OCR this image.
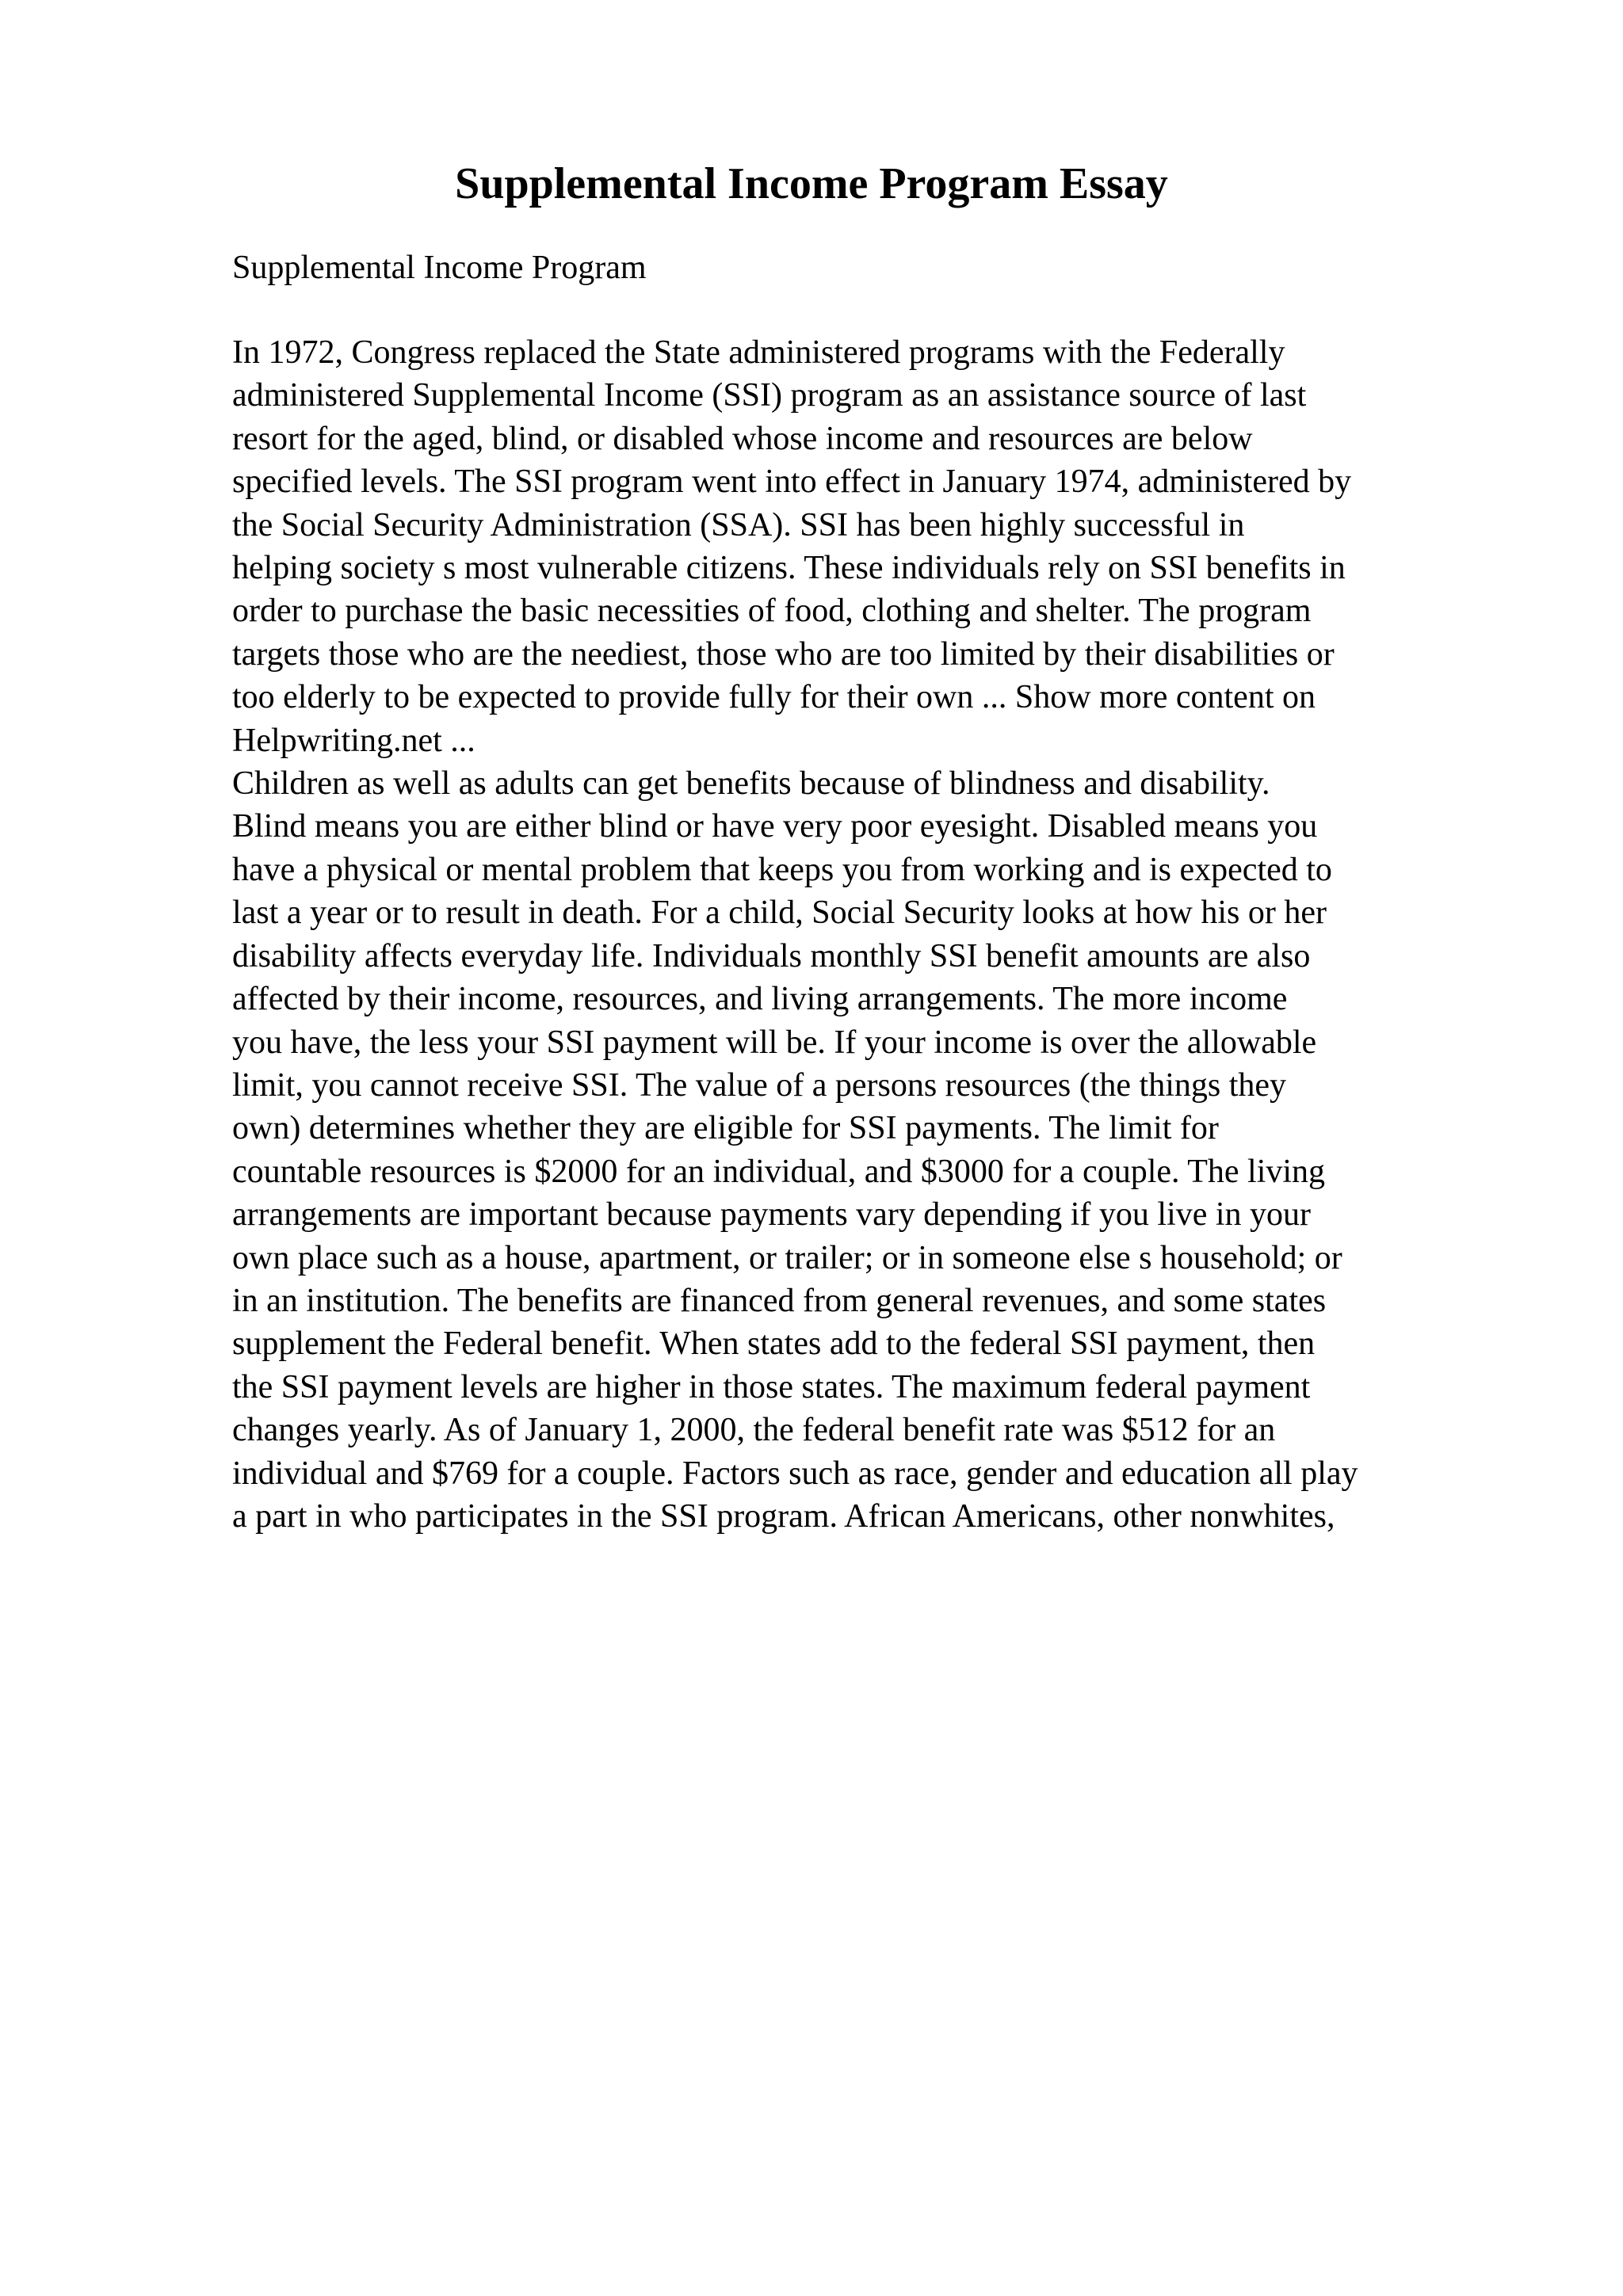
Supplemental Income Program Essay

Supplemental Income Program

In 1972, Congress replaced the State administered programs with the Federally
administered Supplemental Income (SSI) program as an assistance source of last
resort for the aged, blind, or disabled whose income and resources are below
specified levels. The SSI program went into effect in January 1974, administered by
the Social Security Administration (SSA). SSI has been highly successful in
helping society s most vulnerable citizens. These individuals rely on SSI benefits in
order to purchase the basic necessities of food, clothing and shelter. The program
targets those who are the neediest, those who are too limited by their disabilities or
too elderly to be expected to provide fully for their own ... Show more content on
Helpwriting.net ...
Children as well as adults can get benefits because of blindness and disability.
Blind means you are either blind or have very poor eyesight. Disabled means you
have a physical or mental problem that keeps you from working and is expected to
last a year or to result in death. For a child, Social Security looks at how his or her
disability affects everyday life. Individuals monthly SSI benefit amounts are also
affected by their income, resources, and living arrangements. The more income
you have, the less your SSI payment will be. If your income is over the allowable
limit, you cannot receive SSI. The value of a persons resources (the things they
own) determines whether they are eligible for SSI payments. The limit for
countable resources is $2000 for an individual, and $3000 for a couple. The living
arrangements are important because payments vary depending if you live in your
own place such as a house, apartment, or trailer; or in someone else s household; or
in an institution. The benefits are financed from general revenues, and some states
supplement the Federal benefit. When states add to the federal SSI payment, then
the SSI payment levels are higher in those states. The maximum federal payment
changes yearly. As of January 1, 2000, the federal benefit rate was $512 for an
individual and $769 for a couple. Factors such as race, gender and education all play
a part in who participates in the SSI program. African Americans, other nonwhites,
